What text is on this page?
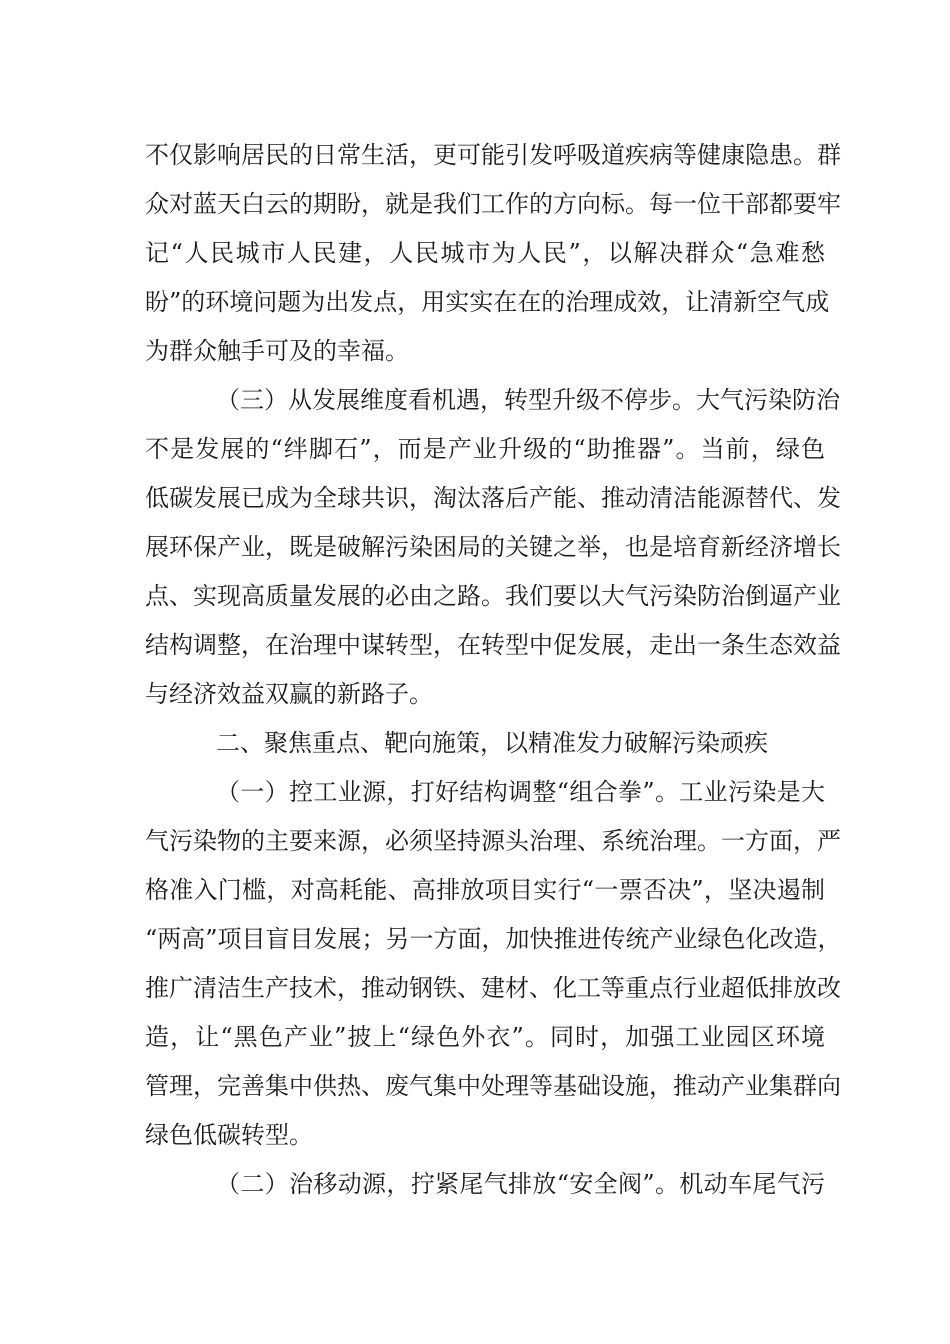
不仅影响居民的日常生活，更可能引发呼吸道疾病等健康隐患。群
众对蓝天白云的期盼，就是我们工作的方向标。每一位干部都要牢
记“人民城市人民建，人民城市为人民”，以解决群众“急难愁
盼”的环境问题为出发点，用实实在在的治理成效，让清新空气成
为群众触手可及的幸福。
（三）从发展维度看机遇，转型升级不停步。大气污染防治
不是发展的“绊脚石”，而是产业升级的“助推器”。当前，绿色
低碳发展已成为全球共识，淘汰落后产能、推动清洁能源替代、发
展环保产业，既是破解污染困局的关键之举，也是培育新经济增长
点、实现高质量发展的必由之路。我们要以大气污染防治倒逼产业
结构调整，在治理中谋转型，在转型中促发展，走出一条生态效益
与经济效益双赢的新路子。
二、聚焦重点、靶向施策，以精准发力破解污染顽疾
（一）控工业源，打好结构调整“组合拳”。工业污染是大
气污染物的主要来源，必须坚持源头治理、系统治理。一方面，严
格准入门槛，对高耗能、高排放项目实行“一票否决”，坚决遏制
“两高”项目盲目发展；另一方面，加快推进传统产业绿色化改造，
推广清洁生产技术，推动钢铁、建材、化工等重点行业超低排放改
造，让“黑色产业”披上“绿色外衣”。同时，加强工业园区环境
管理，完善集中供热、废气集中处理等基础设施，推动产业集群向
绿色低碳转型。
（二）治移动源，拧紧尾气排放“安全阀”。机动车尾气污
